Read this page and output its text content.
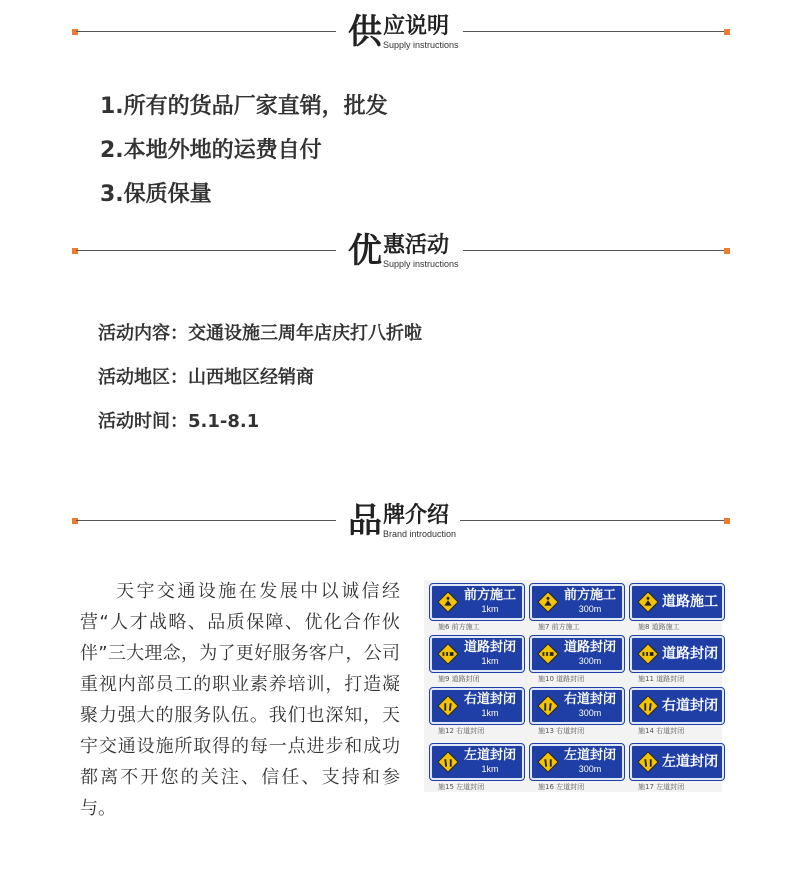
供 应说明
Supply instructions
1.所有的货品厂家直销，批发
2.本地外地的运费自付
3.保质保量
优 惠活动
Supply instructions
活动内容：交通设施三周年店庆打八折啦
活动地区：山西地区经销商
活动时间：5.1-8.1
品 牌介绍
Brand introduction
天宇交通设施在发展中以诚信经营“人才战略、品质保障、优化合作伙伴”三大理念，为了更好服务客户，公司重视内部员工的职业素养培训，打造凝聚力强大的服务队伍。我们也深知，天宇交通设施所取得的每一点进步和成功都离不开您的关注、信任、支持和参与。
前方施工
1km
施6 前方施工
前方施工
300m
施7 前方施工
道路施工
施8 道路施工
道路封闭
1km
施9 道路封闭
道路封闭
300m
施10 道路封闭
道路封闭
施11 道路封闭
右道封闭
1km
施12 右道封闭
右道封闭
300m
施13 右道封闭
右道封闭
施14 右道封闭
左道封闭
1km
施15 左道封闭
左道封闭
300m
施16 左道封闭
左道封闭
施17 左道封闭
